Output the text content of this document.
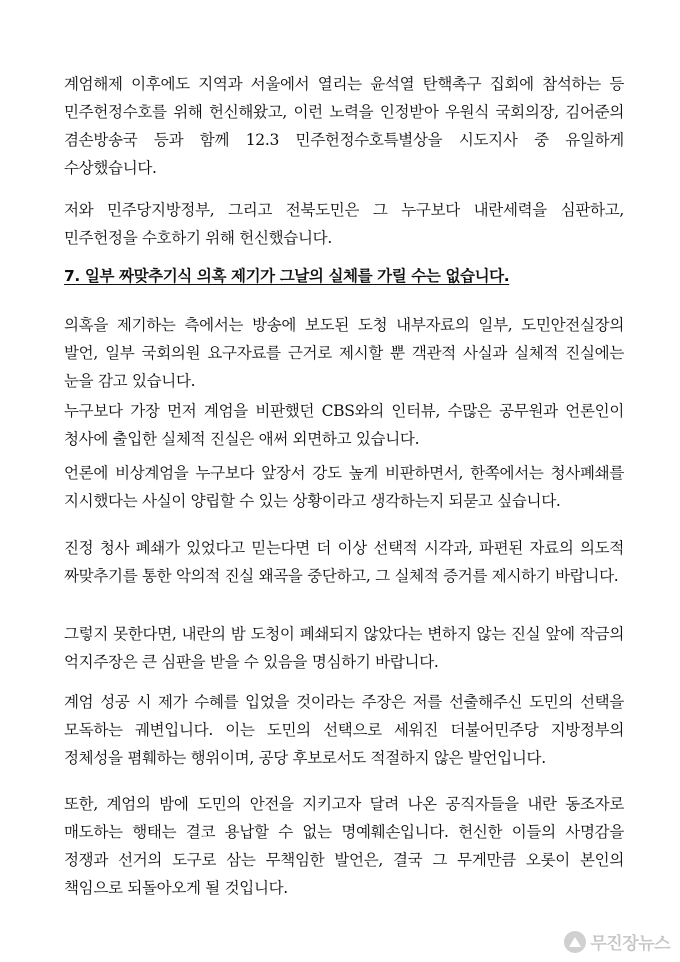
계엄해제 이후에도 지역과 서울에서 열리는 윤석열 탄핵촉구 집회에 참석하는 등 민주헌정수호를 위해 헌신해왔고, 이런 노력을 인정받아 우원식 국회의장, 김어준의 겸손방송국 등과 함께 12.3 민주헌정수호특별상을 시도지사 중 유일하게 수상했습니다.

저와 민주당지방정부, 그리고 전북도민은 그 누구보다 내란세력을 심판하고, 민주헌정을 수호하기 위해 헌신했습니다.

7. 일부 짜맞추기식 의혹 제기가 그날의 실체를 가릴 수는 없습니다.

의혹을 제기하는 측에서는 방송에 보도된 도청 내부자료의 일부, 도민안전실장의 발언, 일부 국회의원 요구자료를 근거로 제시할 뿐 객관적 사실과 실체적 진실에는 눈을 감고 있습니다.

누구보다 가장 먼저 계엄을 비판했던 CBS와의 인터뷰, 수많은 공무원과 언론인이 청사에 출입한 실체적 진실은 애써 외면하고 있습니다.

언론에 비상계엄을 누구보다 앞장서 강도 높게 비판하면서, 한쪽에서는 청사폐쇄를 지시했다는 사실이 양립할 수 있는 상황이라고 생각하는지 되묻고 싶습니다.

진정 청사 폐쇄가 있었다고 믿는다면 더 이상 선택적 시각과, 파편된 자료의 의도적 짜맞추기를 통한 악의적 진실 왜곡을 중단하고, 그 실체적 증거를 제시하기 바랍니다.

그렇지 못한다면, 내란의 밤 도청이 폐쇄되지 않았다는 변하지 않는 진실 앞에 작금의 억지주장은 큰 심판을 받을 수 있음을 명심하기 바랍니다.

계엄 성공 시 제가 수혜를 입었을 것이라는 주장은 저를 선출해주신 도민의 선택을 모독하는 궤변입니다. 이는 도민의 선택으로 세워진 더불어민주당 지방정부의 정체성을 폄훼하는 행위이며, 공당 후보로서도 적절하지 않은 발언입니다.

또한, 계엄의 밤에 도민의 안전을 지키고자 달려 나온 공직자들을 내란 동조자로 매도하는 행태는 결코 용납할 수 없는 명예훼손입니다. 헌신한 이들의 사명감을 정쟁과 선거의 도구로 삼는 무책임한 발언은, 결국 그 무게만큼 오롯이 본인의 책임으로 되돌아오게 될 것입니다.

무진장뉴스
